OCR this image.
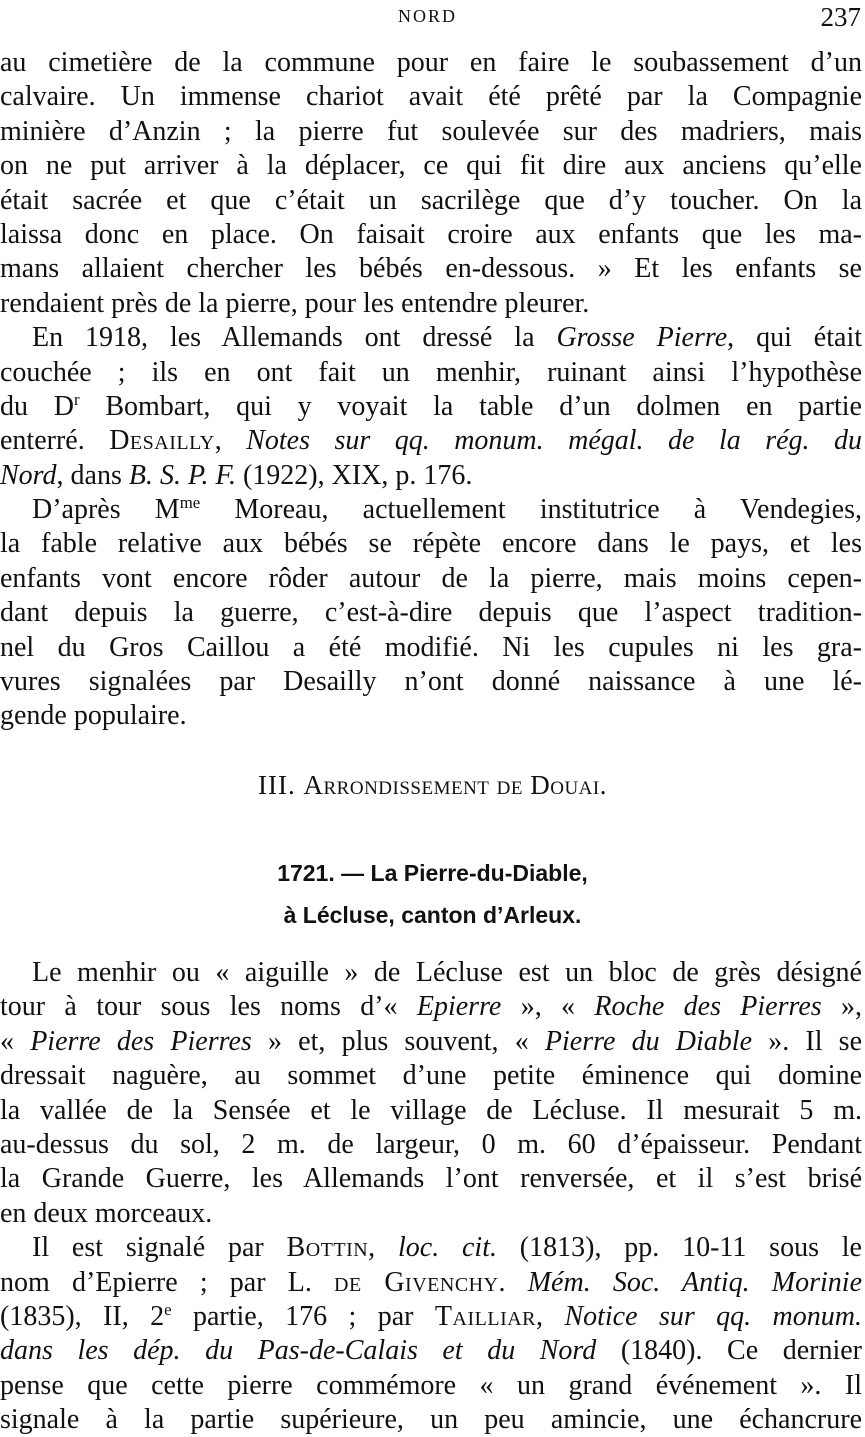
NORD	237
au cimetière de la commune pour en faire le soubassement d’un
calvaire. Un immense chariot avait été prêté par la Compagnie
minière d’Anzin ; la pierre fut soulevée sur des madriers, mais
on ne put arriver à la déplacer, ce qui fit dire aux anciens qu’elle
était sacrée et que c’était un sacrilège que d’y toucher. On la
laissa donc en place. On faisait croire aux enfants que les ma-
mans allaient chercher les bébés en-dessous. » Et les enfants se
rendaient près de la pierre, pour les entendre pleurer.
En 1918, les Allemands ont dressé la Grosse Pierre, qui était
couchée ; ils en ont fait un menhir, ruinant ainsi l’hypothèse
du $D^r$ Bombart, qui y voyait la table d’un dolmen en partie
enterré. Desailly, Notes sur qq. monum. mégal. de la rég. du
Nord, dans B. S. P. F. (1922), XIX, p. 176.
D’après $M^{me}$ Moreau, actuellement institutrice à Vendegies,
la fable relative aux bébés se répète encore dans le pays, et les
enfants vont encore rôder autour de la pierre, mais moins cepen-
dant depuis la guerre, c’est-à-dire depuis que l’aspect tradition-
nel du Gros Caillou a été modifié. Ni les cupules ni les gra-
vures signalées par Desailly n’ont donné naissance à une lé-
gende populaire.
III. Arrondissement de Douai.
1721. — La Pierre-du-Diable,
à Lécluse, canton d’Arleux.
Le menhir ou « aiguille » de Lécluse est un bloc de grès désigné
tour à tour sous les noms d’« Epierre », « Roche des Pierres »,
« Pierre des Pierres » et, plus souvent, « Pierre du Diable ». Il se
dressait naguère, au sommet d’une petite éminence qui domine
la vallée de la Sensée et le village de Lécluse. Il mesurait 5 m.
au-dessus du sol, 2 m. de largeur, 0 m. 60 d’épaisseur. Pendant
la Grande Guerre, les Allemands l’ont renversée, et il s’est brisé
en deux morceaux.
Il est signalé par Bottin, loc. cit. (1813), pp. 10-11 sous le
nom d’Epierre ; par L. de Givenchy. Mém. Soc. Antiq. Morinie
(1835), II, 2e partie, 176 ; par Tailliar, Notice sur qq. monum.
dans les dép. du Pas-de-Calais et du Nord (1840). Ce dernier
pense que cette pierre commémore « un grand événement ». Il
signale à la partie supérieure, un peu amincie, une échancrure
